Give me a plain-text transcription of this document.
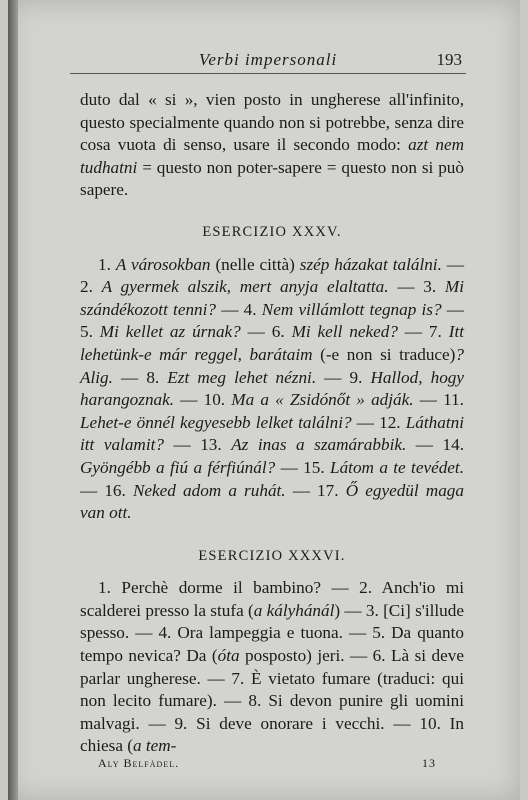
Verbi impersonali	193

duto dal « si », vien posto in ungherese all'infinito, questo specialmente quando non si potrebbe, senza dire cosa vuota di senso, usare il secondo modo: azt nem tudhatni = questo non poter-sapere = questo non si può sapere.

ESERCIZIO XXXV.

1. A városokban (nelle città) szép házakat találni. — 2. A gyermek alszik, mert anyja elaltatta. — 3. Mi szándékozott tenni? — 4. Nem villámlott tegnap is? — 5. Mi kellet az úrnak? — 6. Mi kell neked? — 7. Itt lehetünk-e már reggel, barátaim (-e non si traduce)? Alig. — 8. Ezt meg lehet nézni. — 9. Hallod, hogy harangoznak. — 10. Ma a « Zsidónőt » adják. — 11. Lehet-e önnél kegyesebb lelket találni? — 12. Láthatni itt valamit? — 13. Az inas a szamárabbik. — 14. Gyöngébb a fiú a férfiúnál? — 15. Látom a te tevédet. — 16. Neked adom a ruhát. — 17. Ő egyedül maga van ott.

ESERCIZIO XXXVI.

1. Perchè dorme il bambino? — 2. Anch'io mi scalderei presso la stufa (a kályhánál) — 3. [Ci] s'illude spesso. — 4. Ora lampeggia e tuona. — 5. Da quanto tempo nevica? Da (óta posposto) jeri. — 6. Là si deve parlar ungherese. — 7. È vietato fumare (traduci: qui non lecito fumare). — 8. Si devon punire gli uomini malvagi. — 9. Si deve onorare i vecchi. — 10. In chiesa (a tem-

Aly Belfàdel.	13
